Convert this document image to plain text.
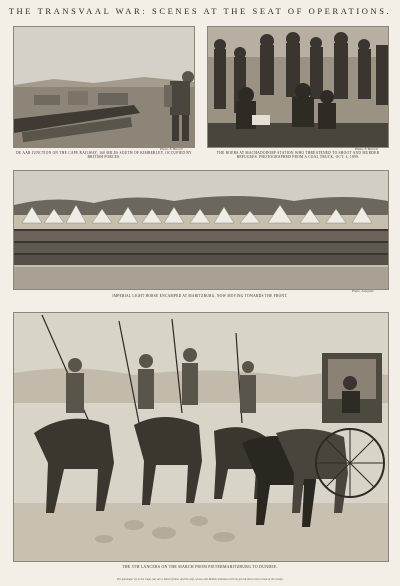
THE TRANSVAAL WAR: SCENES AT THE SEAT OF OPERATIONS.
Photo. F. Hurrell
DE AAR JUNCTION ON THE CAPE RAILWAY, 160 MILES SOUTH OF KIMBERLEY, OCCUPIED BY BRITISH FORCES.
Photo. F. Hurrell
THE BOERS AT MACHADODORP STATION WHO THREATENED TO SHOOT AND MURDER REFUGEES. PHOTOGRAPHED FROM A COAL TRUCK, OCT. 4, 1899.
Photo. Lafayette
IMPERIAL LIGHT HORSE ENCAMPED AT MARITZBURG, NOW MOVING TOWARDS THE FRONT.
THE 5TH LANCERS ON THE MARCH FROM PIETERMARITZBURG TO DUNDEE.
The passenger by in the Cape cart are a Dutch farmer and his wife, whose anti-British sentiment will not permit them even to look at the troops.
